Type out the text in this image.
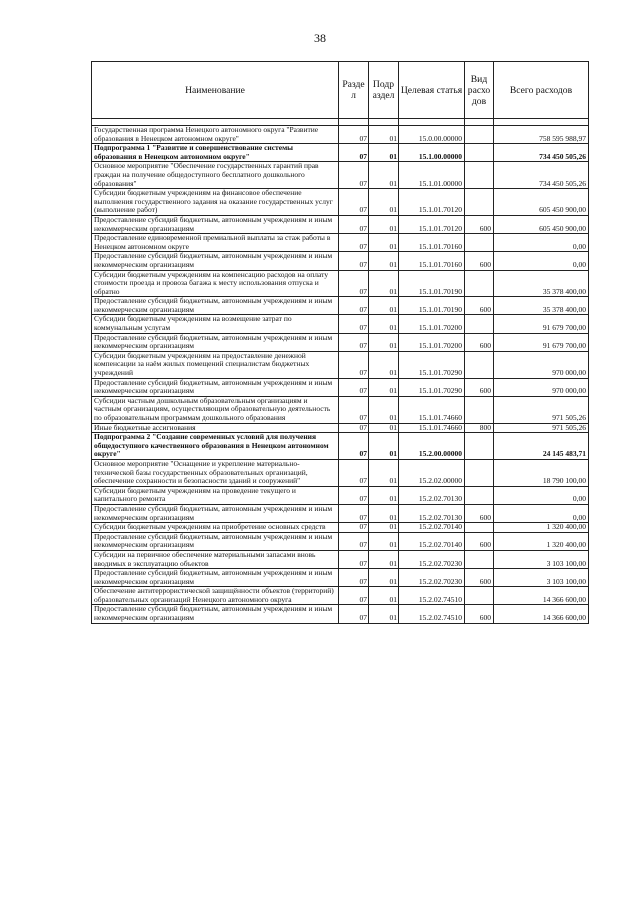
38
Наименование	Разде л	Подр аздел	Целевая статья	Вид расхо дов	Всего расходов

Государственная программа Ненецкого автономного округа "Развитие образования в Ненецком автономном округе"	07	01	15.0.00.00000		758 595 988,97
Подпрограмма 1 "Развитие и совершенствование системы образования в Ненецком автономном округе"	07	01	15.1.00.00000		734 450 505,26
Основное мероприятие "Обеспечение государственных гарантий прав граждан на получение общедоступного бесплатного дошкольного образования"	07	01	15.1.01.00000		734 450 505,26
Субсидии бюджетным учреждениям на финансовое обеспечение выполнения государственного задания на оказание государственных услуг (выполнение работ)	07	01	15.1.01.70120		605 450 900,00
Предоставление субсидий бюджетным, автономным учреждениям и иным некоммерческим организациям	07	01	15.1.01.70120	600	605 450 900,00
Предоставление единовременной премиальной выплаты за стаж работы в Ненецком автономном округе	07	01	15.1.01.70160		0,00
Предоставление субсидий бюджетным, автономным учреждениям и иным некоммерческим организациям	07	01	15.1.01.70160	600	0,00
Субсидии бюджетным учреждениям на компенсацию расходов на оплату стоимости проезда и провоза багажа к месту использования отпуска и обратно	07	01	15.1.01.70190		35 378 400,00
Предоставление субсидий бюджетным, автономным учреждениям и иным некоммерческим организациям	07	01	15.1.01.70190	600	35 378 400,00
Субсидии бюджетным учреждениям на возмещение затрат по коммунальным услугам	07	01	15.1.01.70200		91 679 700,00
Предоставление субсидий бюджетным, автономным учреждениям и иным некоммерческим организациям	07	01	15.1.01.70200	600	91 679 700,00
Субсидии бюджетным учреждениям на предоставление денежной компенсации за наём жилых помещений специалистам бюджетных учреждений	07	01	15.1.01.70290		970 000,00
Предоставление субсидий бюджетным, автономным учреждениям и иным некоммерческим организациям	07	01	15.1.01.70290	600	970 000,00
Субсидии частным дошкольным образовательным организациям и частным организациям, осуществляющим образовательную деятельность по образовательным программам дошкольного образования	07	01	15.1.01.74660		971 505,26
Иные бюджетные ассигнования	07	01	15.1.01.74660	800	971 505,26
Подпрограмма 2 "Создание современных условий для получения общедоступного качественного образования в Ненецком автономном округе"	07	01	15.2.00.00000		24 145 483,71
Основное мероприятие "Оснащение и укрепление материально-технической базы государственных образовательных организаций, обеспечение сохранности и безопасности зданий и сооружений"	07	01	15.2.02.00000		18 790 100,00
Субсидии бюджетным учреждениям на проведение текущего и капитального ремонта	07	01	15.2.02.70130		0,00
Предоставление субсидий бюджетным, автономным учреждениям и иным некоммерческим организациям	07	01	15.2.02.70130	600	0,00
Субсидии бюджетным учреждениям на приобретение основных средств	07	01	15.2.02.70140		1 320 400,00
Предоставление субсидий бюджетным, автономным учреждениям и иным некоммерческим организациям	07	01	15.2.02.70140	600	1 320 400,00
Субсидии на первичное обеспечение материальными запасами вновь вводимых в эксплуатацию объектов	07	01	15.2.02.70230		3 103 100,00
Предоставление субсидий бюджетным, автономным учреждениям и иным некоммерческим организациям	07	01	15.2.02.70230	600	3 103 100,00
Обеспечение антитеррористической защищённости объектов (территорий) образовательных организаций Ненецкого автономного округа	07	01	15.2.02.74510		14 366 600,00
Предоставление субсидий бюджетным, автономным учреждениям и иным некоммерческим организациям	07	01	15.2.02.74510	600	14 366 600,00
